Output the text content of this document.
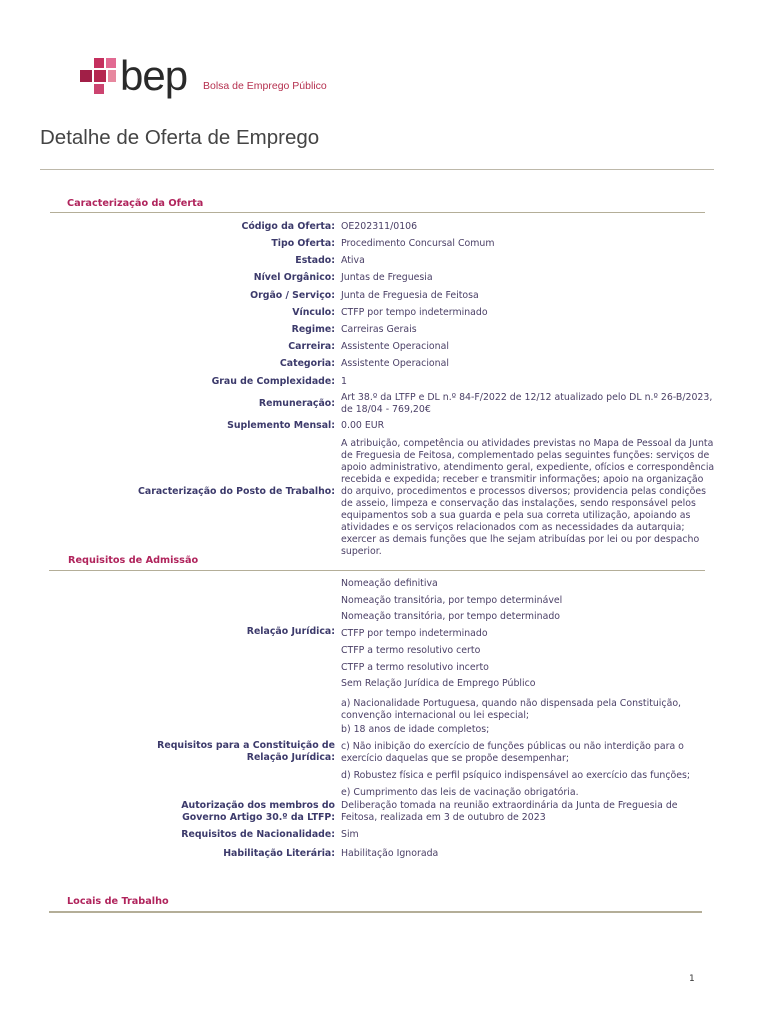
bep Bolsa de Emprego Público
Detalhe de Oferta de Emprego
Caracterização da Oferta
Código da Oferta: OE202311/0106
Tipo Oferta: Procedimento Concursal Comum
Estado: Ativa
Nível Orgânico: Juntas de Freguesia
Orgão / Serviço: Junta de Freguesia de Feitosa
Vínculo: CTFP por tempo indeterminado
Regime: Carreiras Gerais
Carreira: Assistente Operacional
Categoria: Assistente Operacional
Grau de Complexidade: 1
Remuneração:
Art 38.º da LTFP e DL n.º 84-F/2022 de 12/12 atualizado pelo DL n.º 26-B/2023, de 18/04 - 769,20€
Suplemento Mensal: 0.00 EUR
Caracterização do Posto de Trabalho:
A atribuição, competência ou atividades previstas no Mapa de Pessoal da Junta de Freguesia de Feitosa, complementado pelas seguintes funções: serviços de apoio administrativo, atendimento geral, expediente, ofícios e correspondência recebida e expedida; receber e transmitir informações; apoio na organização do arquivo, procedimentos e processos diversos; providencia pelas condições de asseio, limpeza e conservação das instalações, sendo responsável pelos equipamentos sob a sua guarda e pela sua correta utilização, apoiando as atividades e os serviços relacionados com as necessidades da autarquia; exercer as demais funções que lhe sejam atribuídas por lei ou por despacho superior.
Requisitos de Admissão
Relação Jurídica:
Nomeação definitiva
Nomeação transitória, por tempo determinável
Nomeação transitória, por tempo determinado
CTFP por tempo indeterminado
CTFP a termo resolutivo certo
CTFP a termo resolutivo incerto
Sem Relação Jurídica de Emprego Público
Requisitos para a Constituição de Relação Jurídica:
a) Nacionalidade Portuguesa, quando não dispensada pela Constituição, convenção internacional ou lei especial;
b) 18 anos de idade completos;
c) Não inibição do exercício de funções públicas ou não interdição para o exercício daquelas que se propõe desempenhar;
d) Robustez física e perfil psíquico indispensável ao exercício das funções;
e) Cumprimento das leis de vacinação obrigatória.
Autorização dos membros do Governo Artigo 30.º da LTFP:
Deliberação tomada na reunião extraordinária da Junta de Freguesia de Feitosa, realizada em 3 de outubro de 2023
Requisitos de Nacionalidade: Sim
Habilitação Literária: Habilitação Ignorada
Locais de Trabalho
1
